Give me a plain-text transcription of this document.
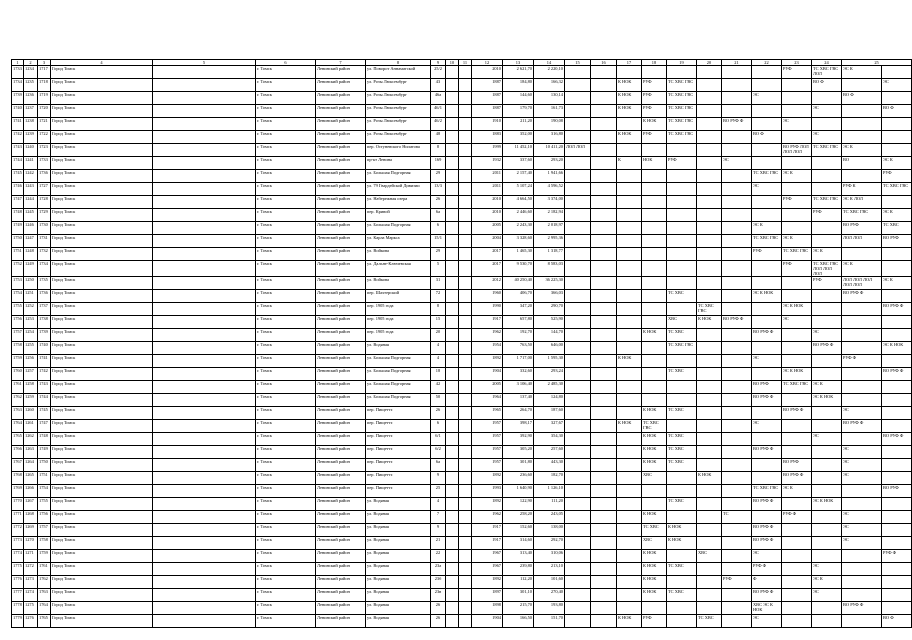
1	2	3	4	5	6	7	8	9	10	11	12	13	14	15	16	17	18	19	20	21	22	23	24	25	
1733	1234	1717	Город Томск		г. Томск	Ленинский район	ул. Поворот Аннаматской	25/2			2010	2 621,70	2 220,10									РУФ	ТС ХВС ГВС ЛОЛ	ЭС К	
1734	1235	1718	Город Томск		г. Томск	Ленинский район	ул. Розы Люксембург	43			1887	184,80	166,32			К НОК	РУФ	ТС ХВС ГВС					ВО Ф		ЭС
1739	1236	1719	Город Томск		г. Томск	Ленинский район	ул. Розы Люксембург	46а			1887	144,60	130,14			К НОК	РУФ	ТС ХВС ГВС			ЭС			ВО Ф	
1740	1237	1720	Город Томск		г. Томск	Ленинский район	ул. Розы Люксембург	46/1			1887	179,70	161,73			К НОК	РУФ	ТС ХВС ГВС					ЭС		ВО Ф
1741	1238	1721	Город Томск		г. Томск	Ленинский район	ул. Розы Люксембург	46/2			1910	211,20	190,08				К НОК	ТС ХВС ГВС		ВО РУФ Ф		ЭС			
1742	1239	1722	Город Томск		г. Томск	Ленинский район	ул. Розы Люксембург	48			1883	352,00	316,80			К НОК	РУФ	ТС ХВС ГВС			ВО Ф		ЭС		
1743	1240	1723	Город Томск		г. Томск	Ленинский район	пер. Остуневского Нилатова	8			1999	11 452,10	10 411,20	ЛОЛ ЛОЛ								ВО РУФ ЛОЛ ЛОЛ ЛОЛ	ТС ХВС ГВС	ЭС К	
1744	1241	1733	Город Томск		г. Томск	Ленинский район	пр-кт Ленина	169			1932	337,60	293,20			К	НОК	РУФ		ЭС				ВО	ЭС К
1745	1242	1736	Город Томск		г. Томск	Ленинский район	ул. Большая Подгорная	29			2011	2 157,40	1 941,66								ТС ХВС ГВС	ЭС К			РУФ
1746	1243	1727	Город Томск		г. Томск	Ленинский район	ул. 79 Гвардейской Дивизии	13/3			2011	5 107,24	4 596,52								ЭС			РУФ К	ТС ХВС ГВС
1747	1244	1728	Город Томск		г. Томск	Ленинский район	ул. Набережная озера	26			2010	4 664,50	3 374,00									РУФ	ТС ХВС ГВС	ЭС К ЛОЛ	
1748	1245	1729	Город Томск		г. Томск	Ленинский район	пер. Кривой	6а			2010	2 446,60	2 182,94										РУФ	ТС ХВС ГВС	ЭС К
1749	1246	1730	Город Томск		г. Томск	Ленинский район	ул. Большая Подгорная	6			2005	2 243,30	2 018,97								ЭС К			ВО РУФ	ТС ХВС
1750	1247	1731	Город Томск		г. Томск	Ленинский район	ул. Карла Маркса	15/1			2004	3 328,60	2 995,36								ТС ХВС ГВС	ЭС К		ЛОЛ ЛОЛ	ВО РУФ
1751	1248	1732	Город Томск		г. Томск	Ленинский район	ул. Войкова	29			2017	1 465,30	1 318,77								РУФ	ТС ХВС ГВС	ЭС К		
1752	1249	1734	Город Томск		г. Томск	Ленинский район	ул. Дальне-Ключевская	5			2017	9 530,70	8 583,03									РУФ	ТС ХВС ГВС ЛОЛ ЛОЛ ЛОЛ	ЭС К	
1753	1250	1735	Город Томск		г. Томск	Ленинский район	ул. Войкова	31			2012	40 250,40	36 225,30										РУФ	ЛОЛ ЛОЛ ЛОЛ ЛОЛ ЛОЛ	ЭС К
1754	1251	1736	Город Томск		г. Томск	Ленинский район	пер. Шахтерский	72			1960	406,70	366,03					ТС ХВС			ЭС К НОК			ВО РУФ Ф	
1755	1252	1737	Город Томск		г. Томск	Ленинский район	пер. 1905 года	8			1990	347,20	290,70						ТС ХВС ГВС			ЭС К НОК			ВО РУФ Ф
1756	1253	1738	Город Томск		г. Томск	Ленинский район	пер. 1905 года	15			1917	657,80	525,90					ХВС	К НОК	ВО РУФ Ф		ЭС			
1757	1254	1739	Город Томск		г. Томск	Ленинский район	пер. 1905 года	20			1962	192,70	144,70				К НОК	ТС ХВС			ВО РУФ Ф		ЭС		
1758	1255	1740	Город Томск		г. Томск	Ленинский район	ул. Водяная	4			1954	763,50	646,00					ТС ХВС ГВС					ВО РУФ Ф		ЭС К НОК
1759	1256	1741	Город Томск		г. Томск	Ленинский район	ул. Большая Подгорная	4			1892	1 717,00	1 595,30			К НОК					ЭС			РУФ Ф	
1760	1257	1742	Город Томск		г. Томск	Ленинский район	ул. Большая Подгорная	18			1904	332,60	293,24					ТС ХВС				ЭС К НОК			ВО РУФ Ф
1761	1258	1743	Город Томск		г. Томск	Ленинский район	ул. Большая Подгорная	42			2005	3 106,40	2 485,30								ВО РУФ	ТС ХВС ГВС	ЭС К		
1762	1259	1744	Город Томск		г. Томск	Ленинский район	ул. Большая Подгорная	50			1964	137,40	124,80								ВО РУФ Ф		ЭС К НОК		
1763	1260	1745	Город Томск		г. Томск	Ленинский район	пер. Пищеттэ	26			1965	264,70	187,60				К НОК	ТС ХВС				ВО РУФ Ф		ЭС	
1764	1261	1747	Город Томск		г. Томск	Ленинский район	пер. Пищеттэ	6			1957	398,17	327,67			К НОК	ТС ХВС ГВС				ЭС			ВО РУФ Ф	
1765	1262	1748	Город Томск		г. Томск	Ленинский район	пер. Пищеттэ	6/1			1957	392,90	354,30				К НОК	ТС ХВС					ЭС		ВО РУФ Ф
1766	1263	1749	Город Томск		г. Томск	Ленинский район	пер. Пищеттэ	6/2			1957	305,20	257,60				К НОК	ТС ХВС			ВО РУФ Ф			ЭС	
1767	1264	1750	Город Томск		г. Томск	Ленинский район	пер. Пищеттэ	6а			1957	301,80	443,30				К НОК	ТС ХВС				ВО РУФ		ЭС	
1768	1265	1751	Город Томск		г. Томск	Ленинский район	пер. Пищеттэ	9			1892	236,60	182,70				ХВС		К НОК			ВО РУФ Ф		ЭС	
1769	1266	1754	Город Томск		г. Томск	Ленинский район	пер. Пищеттэ	25			1993	1 640,90	1 126,10								ТС ХВС ГВС	ЭС К			ВО РУФ
1770	1267	1755	Город Томск		г. Томск	Ленинский район	ул. Водяная	4			1892	122,90	111,20					ТС ХВС			ВО РУФ Ф		ЭС К НОК		
1771	1268	1756	Город Томск		г. Томск	Ленинский район	ул. Водяная	7			1962	258,20	243,05				К НОК			ТС		РУФ Ф		ЭС	
1772	1269	1757	Город Томск		г. Томск	Ленинский район	ул. Водяная	9			1917	152,60	138,00				ТС ХВС	К НОК			ВО РУФ Ф			ЭС	
1773	1270	1758	Город Томск		г. Томск	Ленинский район	ул. Водяная	21			1917	314,60	292,70				ХВС	К НОК			ВО РУФ Ф			ЭС	
1774	1271	1759	Город Томск		г. Томск	Ленинский район	ул. Водяная	22			1967	313,40	310,06				К НОК		ХВС		ЭС				РУФ Ф
1775	1272	1761	Город Томск		г. Томск	Ленинский район	ул. Водяная	23а			1967	239,80	213,10				К НОК	ТС ХВС			РУФ Ф		ЭС		
1776	1273	1762	Город Томск		г. Томск	Ленинский район	ул. Водяная	23б			1892	112,20	101,60				К НОК			РУФ	Ф		ЭС К		
1777	1274	1763	Город Томск		г. Томск	Ленинский район	ул. Водяная	23в			1897	301,10	270,40				К НОК	ТС ХВС			ВО РУФ Ф		ЭС		
1778	1275	1764	Город Томск		г. Томск	Ленинский район	ул. Водяная	26			1898	215,70	193,80								ХВС ЭС К НОК			ВО РУФ Ф	
1779	1276	1765	Город Томск		г. Томск	Ленинский район	ул. Водяная	26			1904	166,50	151,70			К НОК	РУФ		ТС ХВС		ЭС				ВО Ф
